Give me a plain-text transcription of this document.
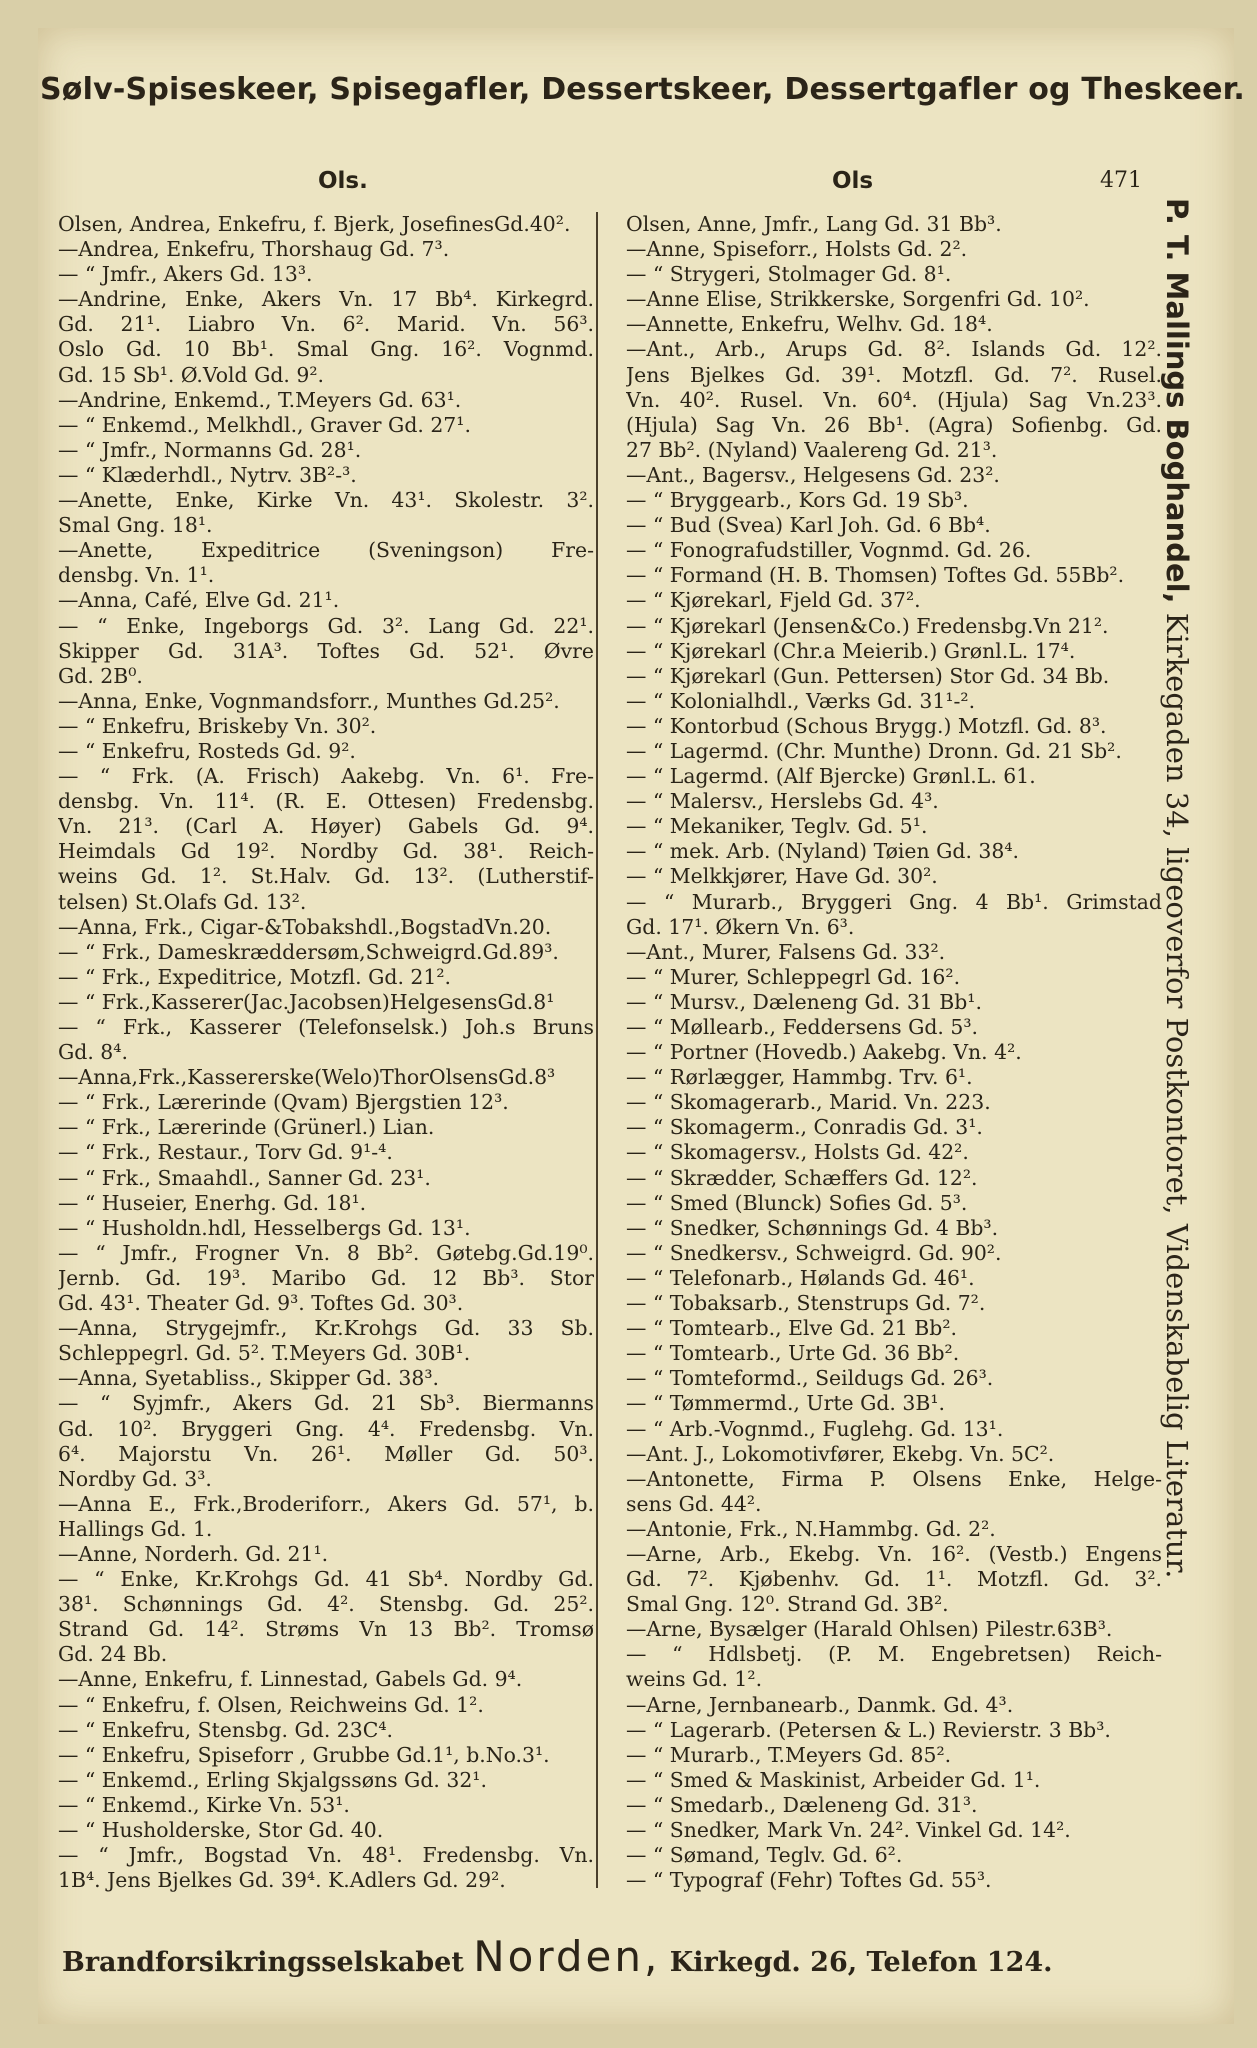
Sølv-Spiseskeer, Spisegafler, Dessertskeer, Dessertgafler og Theskeer.
Ols.	Ols	471
Olsen, Andrea, Enkefru, f. Bjerk, JosefinesGd.40².
—Andrea, Enkefru, Thorshaug Gd. 7³.
— “ Jmfr., Akers Gd. 13³.
—Andrine, Enke, Akers Vn. 17 Bb⁴. Kirkegrd.
Gd. 21¹. Liabro Vn. 6². Marid. Vn. 56³.
Oslo Gd. 10 Bb¹. Smal Gng. 16². Vognmd.
Gd. 15 Sb¹. Ø.Vold Gd. 9².
—Andrine, Enkemd., T.Meyers Gd. 63¹.
— “ Enkemd., Melkhdl., Graver Gd. 27¹.
— “ Jmfr., Normanns Gd. 28¹.
— “ Klæderhdl., Nytrv. 3B²-³.
—Anette, Enke, Kirke Vn. 43¹. Skolestr. 3².
Smal Gng. 18¹.
—Anette, Expeditrice (Sveningson) Fre-
densbg. Vn. 1¹.
—Anna, Café, Elve Gd. 21¹.
— “ Enke, Ingeborgs Gd. 3². Lang Gd. 22¹.
Skipper Gd. 31A³. Toftes Gd. 52¹. Øvre
Gd. 2B⁰.
—Anna, Enke, Vognmandsforr., Munthes Gd.25².
— “ Enkefru, Briskeby Vn. 30².
— “ Enkefru, Rosteds Gd. 9².
— “ Frk. (A. Frisch) Aakebg. Vn. 6¹. Fre-
densbg. Vn. 11⁴. (R. E. Ottesen) Fredensbg.
Vn. 21³. (Carl A. Høyer) Gabels Gd. 9⁴.
Heimdals Gd 19². Nordby Gd. 38¹. Reich-
weins Gd. 1². St.Halv. Gd. 13². (Lutherstif-
telsen) St.Olafs Gd. 13².
—Anna, Frk., Cigar-&Tobakshdl.,BogstadVn.20.
— “ Frk., Dameskræddersøm,Schweigrd.Gd.89³.
— “ Frk., Expeditrice, Motzfl. Gd. 21².
— “ Frk.,Kasserer(Jac.Jacobsen)HelgesensGd.8¹
— “ Frk., Kasserer (Telefonselsk.) Joh.s Bruns
Gd. 8⁴.
—Anna,Frk.,Kassererske(Welo)ThorOlsensGd.8³
— “ Frk., Lærerinde (Qvam) Bjergstien 12³.
— “ Frk., Lærerinde (Grünerl.) Lian.
— “ Frk., Restaur., Torv Gd. 9¹-⁴.
— “ Frk., Smaahdl., Sanner Gd. 23¹.
— “ Huseier, Enerhg. Gd. 18¹.
— “ Husholdn.hdl, Hesselbergs Gd. 13¹.
— “ Jmfr., Frogner Vn. 8 Bb². Gøtebg.Gd.19⁰.
Jernb. Gd. 19³. Maribo Gd. 12 Bb³. Stor
Gd. 43¹. Theater Gd. 9³. Toftes Gd. 30³.
—Anna, Strygejmfr., Kr.Krohgs Gd. 33 Sb.
Schleppegrl. Gd. 5². T.Meyers Gd. 30B¹.
—Anna, Syetabliss., Skipper Gd. 38³.
— “ Syjmfr., Akers Gd. 21 Sb³. Biermanns
Gd. 10². Bryggeri Gng. 4⁴. Fredensbg. Vn.
6⁴. Majorstu Vn. 26¹. Møller Gd. 50³.
Nordby Gd. 3³.
—Anna E., Frk.,Broderiforr., Akers Gd. 57¹, b.
Hallings Gd. 1.
—Anne, Norderh. Gd. 21¹.
— “ Enke, Kr.Krohgs Gd. 41 Sb⁴. Nordby Gd.
38¹. Schønnings Gd. 4². Stensbg. Gd. 25².
Strand Gd. 14². Strøms Vn 13 Bb². Tromsø
Gd. 24 Bb.
—Anne, Enkefru, f. Linnestad, Gabels Gd. 9⁴.
— “ Enkefru, f. Olsen, Reichweins Gd. 1².
— “ Enkefru, Stensbg. Gd. 23C⁴.
— “ Enkefru, Spiseforr , Grubbe Gd.1¹, b.No.3¹.
— “ Enkemd., Erling Skjalgssøns Gd. 32¹.
— “ Enkemd., Kirke Vn. 53¹.
— “ Husholderske, Stor Gd. 40.
— “ Jmfr., Bogstad Vn. 48¹. Fredensbg. Vn.
1B⁴. Jens Bjelkes Gd. 39⁴. K.Adlers Gd. 29².
Olsen, Anne, Jmfr., Lang Gd. 31 Bb³.
—Anne, Spiseforr., Holsts Gd. 2².
— “ Strygeri, Stolmager Gd. 8¹.
—Anne Elise, Strikkerske, Sorgenfri Gd. 10².
—Annette, Enkefru, Welhv. Gd. 18⁴.
—Ant., Arb., Arups Gd. 8². Islands Gd. 12².
Jens Bjelkes Gd. 39¹. Motzfl. Gd. 7². Rusel.
Vn. 40². Rusel. Vn. 60⁴. (Hjula) Sag Vn.23³.
(Hjula) Sag Vn. 26 Bb¹. (Agra) Sofienbg. Gd.
27 Bb². (Nyland) Vaalereng Gd. 21³.
—Ant., Bagersv., Helgesens Gd. 23².
— “ Bryggearb., Kors Gd. 19 Sb³.
— “ Bud (Svea) Karl Joh. Gd. 6 Bb⁴.
— “ Fonografudstiller, Vognmd. Gd. 26.
— “ Formand (H. B. Thomsen) Toftes Gd. 55Bb².
— “ Kjørekarl, Fjeld Gd. 37².
— “ Kjørekarl (Jensen&Co.) Fredensbg.Vn 21².
— “ Kjørekarl (Chr.a Meierib.) Grønl.L. 17⁴.
— “ Kjørekarl (Gun. Pettersen) Stor Gd. 34 Bb.
— “ Kolonialhdl., Værks Gd. 31¹-².
— “ Kontorbud (Schous Brygg.) Motzfl. Gd. 8³.
— “ Lagermd. (Chr. Munthe) Dronn. Gd. 21 Sb².
— “ Lagermd. (Alf Bjercke) Grønl.L. 61.
— “ Malersv., Herslebs Gd. 4³.
— “ Mekaniker, Teglv. Gd. 5¹.
— “ mek. Arb. (Nyland) Tøien Gd. 38⁴.
— “ Melkkjører, Have Gd. 30².
— “ Murarb., Bryggeri Gng. 4 Bb¹. Grimstad
Gd. 17¹. Økern Vn. 6³.
—Ant., Murer, Falsens Gd. 33².
— “ Murer, Schleppegrl Gd. 16².
— “ Mursv., Dæleneng Gd. 31 Bb¹.
— “ Møllearb., Feddersens Gd. 5³.
— “ Portner (Hovedb.) Aakebg. Vn. 4².
— “ Rørlægger, Hammbg. Trv. 6¹.
— “ Skomagerarb., Marid. Vn. 223.
— “ Skomagerm., Conradis Gd. 3¹.
— “ Skomagersv., Holsts Gd. 42².
— “ Skrædder, Schæffers Gd. 12².
— “ Smed (Blunck) Sofies Gd. 5³.
— “ Snedker, Schønnings Gd. 4 Bb³.
— “ Snedkersv., Schweigrd. Gd. 90².
— “ Telefonarb., Hølands Gd. 46¹.
— “ Tobaksarb., Stenstrups Gd. 7².
— “ Tomtearb., Elve Gd. 21 Bb².
— “ Tomtearb., Urte Gd. 36 Bb².
— “ Tomteformd., Seildugs Gd. 26³.
— “ Tømmermd., Urte Gd. 3B¹.
— “ Arb.-Vognmd., Fuglehg. Gd. 13¹.
—Ant. J., Lokomotivfører, Ekebg. Vn. 5C².
—Antonette, Firma P. Olsens Enke, Helge-
sens Gd. 44².
—Antonie, Frk., N.Hammbg. Gd. 2².
—Arne, Arb., Ekebg. Vn. 16². (Vestb.) Engens
Gd. 7². Kjøbenhv. Gd. 1¹. Motzfl. Gd. 3².
Smal Gng. 12⁰. Strand Gd. 3B².
—Arne, Bysælger (Harald Ohlsen) Pilestr.63B³.
— “ Hdlsbetj. (P. M. Engebretsen) Reich-
weins Gd. 1².
—Arne, Jernbanearb., Danmk. Gd. 4³.
— “ Lagerarb. (Petersen & L.) Revierstr. 3 Bb³.
— “ Murarb., T.Meyers Gd. 85².
— “ Smed & Maskinist, Arbeider Gd. 1¹.
— “ Smedarb., Dæleneng Gd. 31³.
— “ Snedker, Mark Vn. 24². Vinkel Gd. 14².
— “ Sømand, Teglv. Gd. 6².
— “ Typograf (Fehr) Toftes Gd. 55³.
P. T. Mallings Boghandel, Kirkegaden 34, ligeoverfor Postkontoret, Videnskabelig Literatur.
Brandforsikringsselskabet Norden, Kirkegd. 26, Telefon 124.
